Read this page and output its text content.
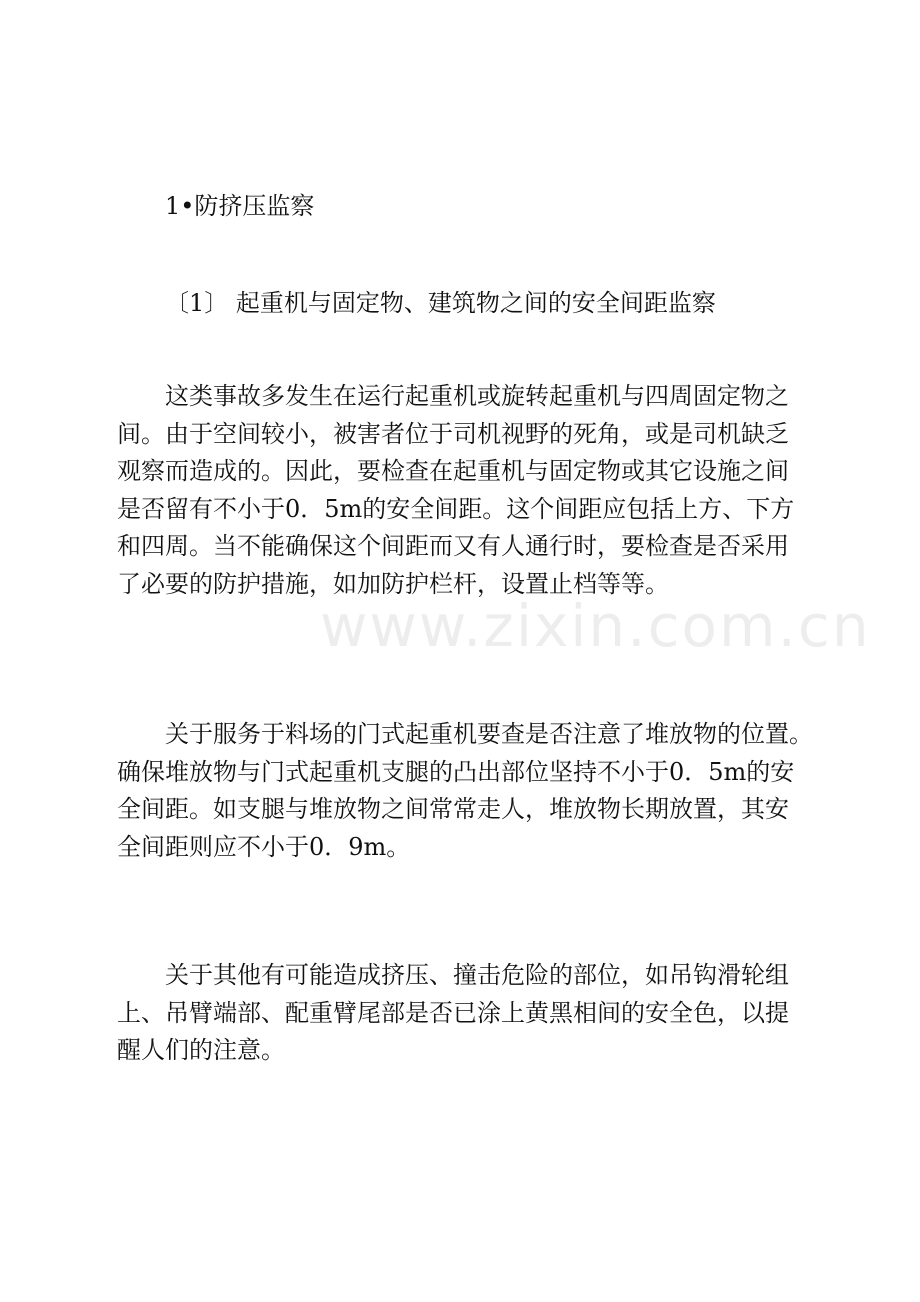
www.zixin.com.cn
1•防挤压监察
〔1〕 起重机与固定物、建筑物之间的安全间距监察
这类事故多发生在运行起重机或旋转起重机与四周固定物之
间。由于空间较小，被害者位于司机视野的死角，或是司机缺乏
观察而造成的。因此，要检查在起重机与固定物或其它设施之间
是否留有不小于0．5m的安全间距。这个间距应包括上方、下方
和四周。当不能确保这个间距而又有人通行时，要检查是否采用
了必要的防护措施，如加防护栏杆，设置止档等等。
关于服务于料场的门式起重机要查是否注意了堆放物的位置。
确保堆放物与门式起重机支腿的凸出部位坚持不小于0．5m的安
全间距。如支腿与堆放物之间常常走人，堆放物长期放置，其安
全间距则应不小于0．9m。
关于其他有可能造成挤压、撞击危险的部位，如吊钩滑轮组
上、吊臂端部、配重臂尾部是否已涂上黄黑相间的安全色，以提
醒人们的注意。
